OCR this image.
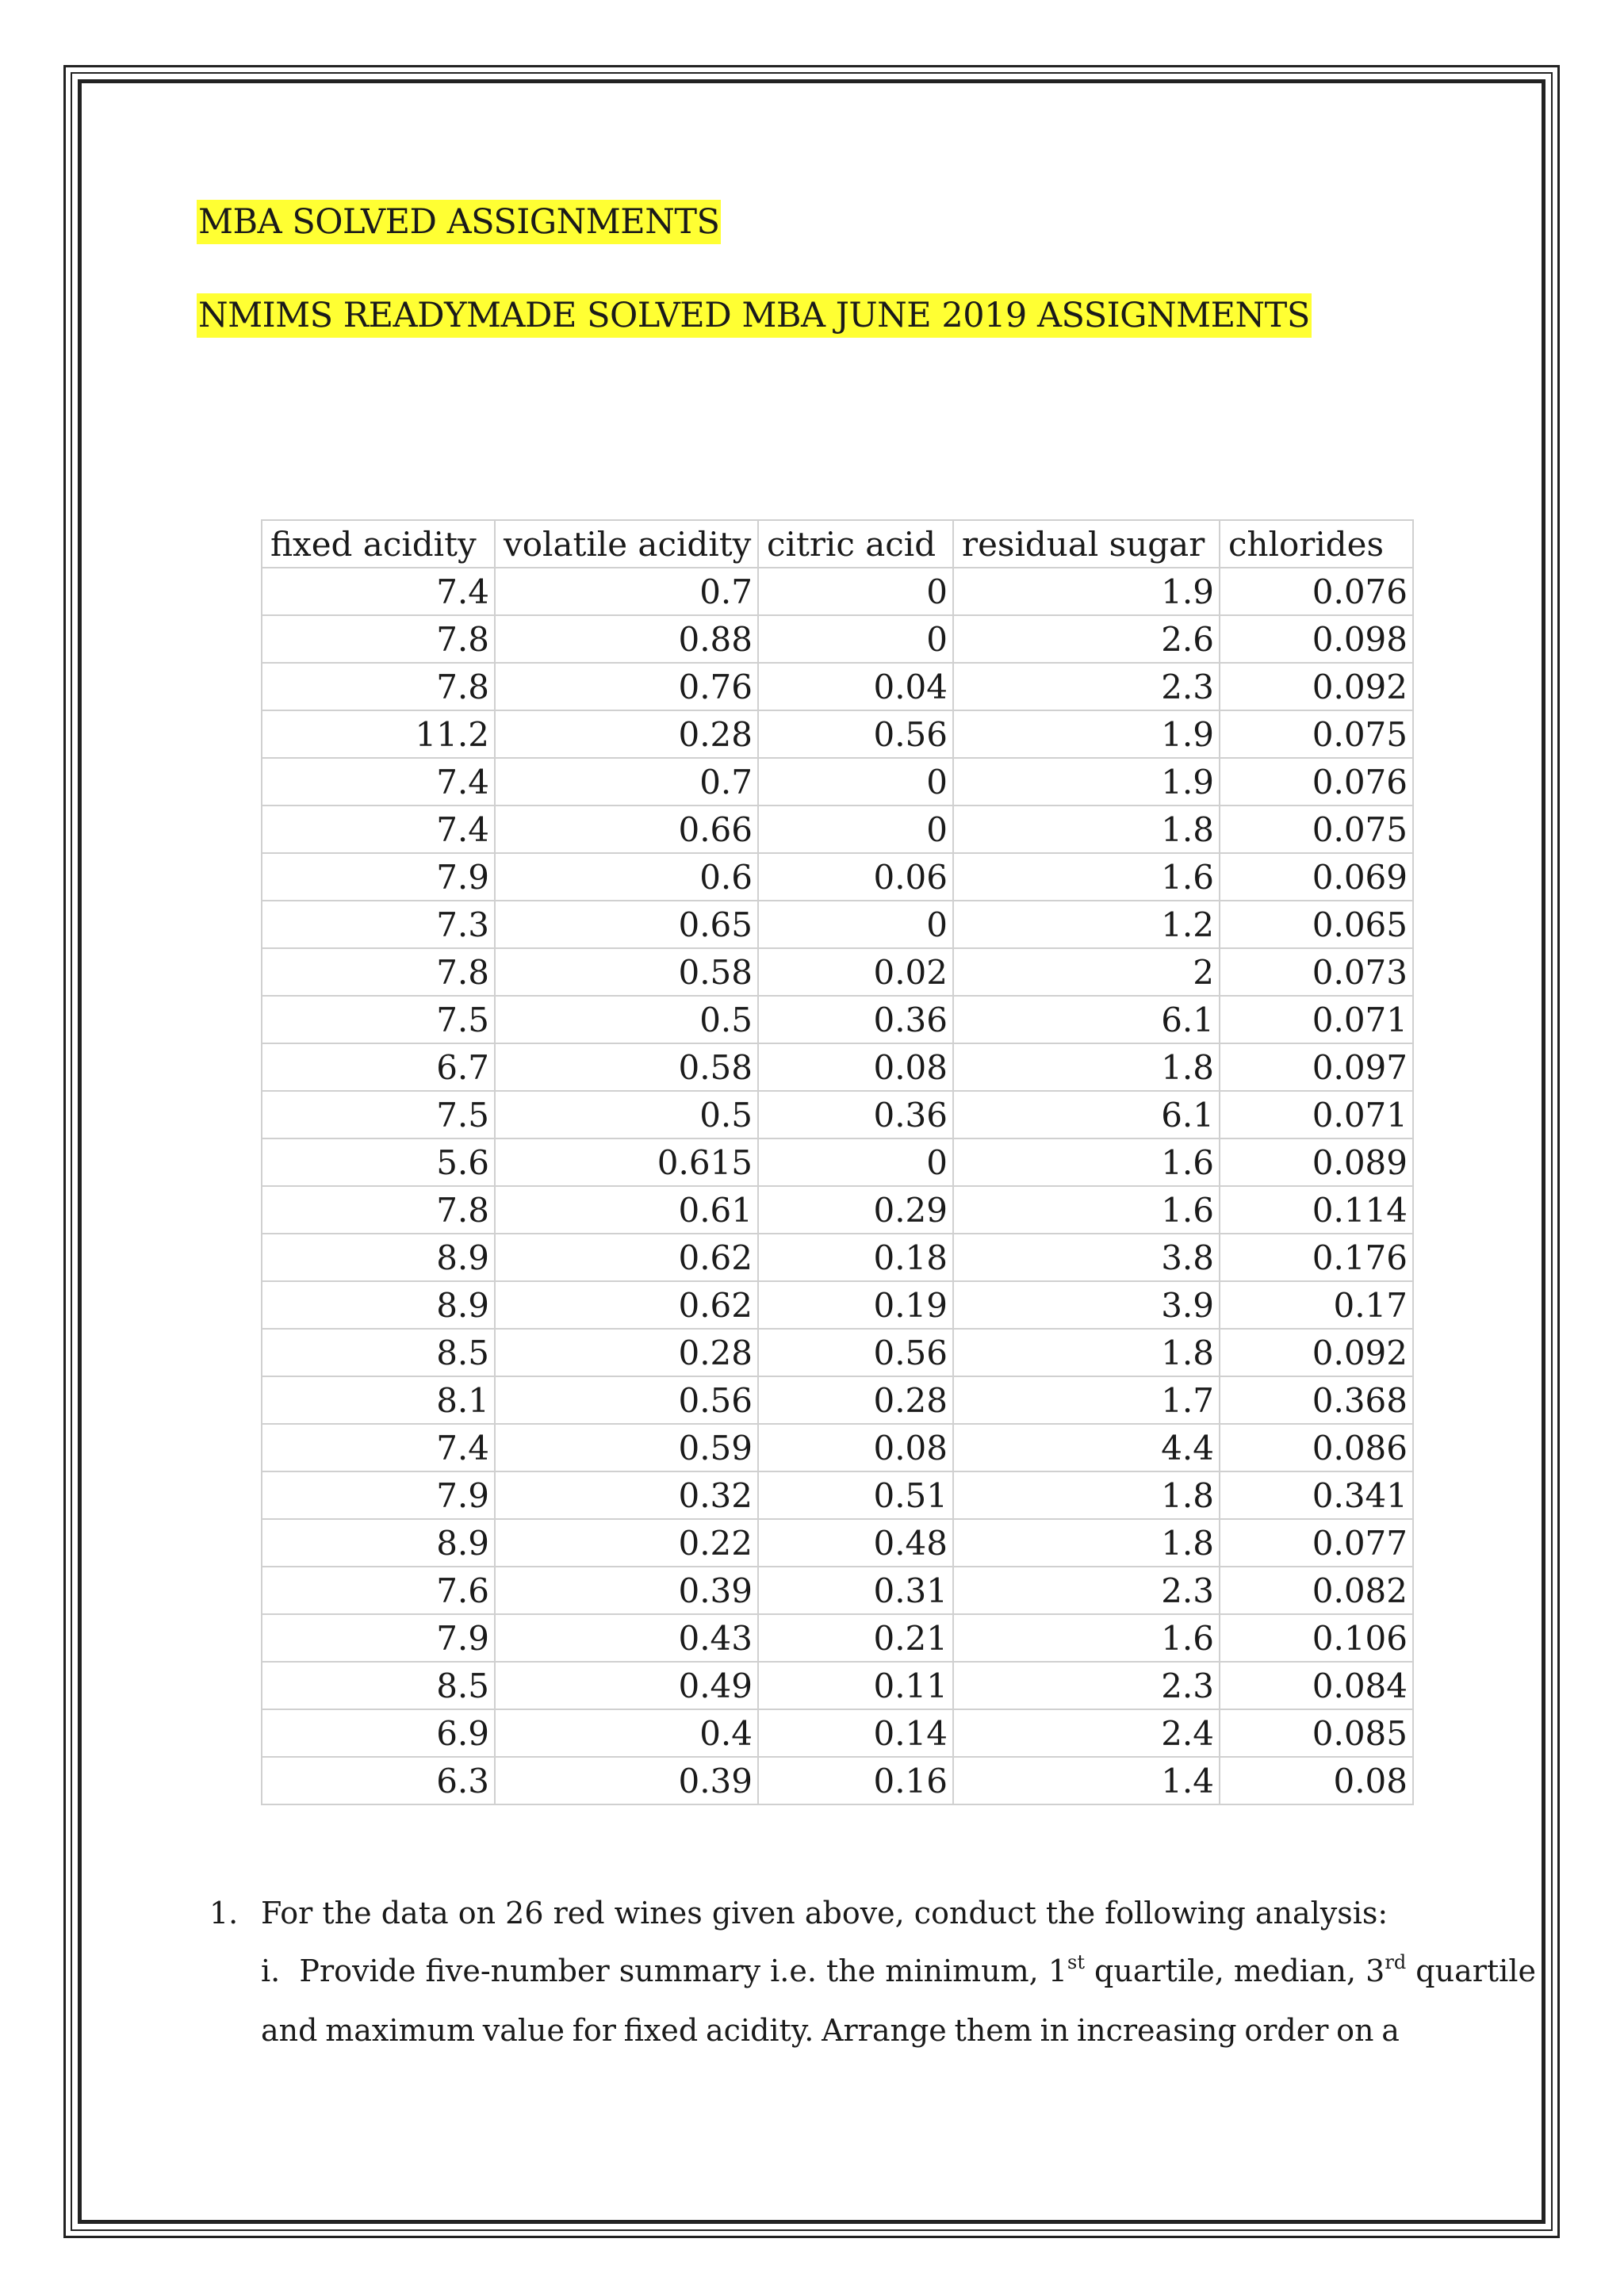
MBA SOLVED ASSIGNMENTS
NMIMS READYMADE SOLVED MBA JUNE 2019 ASSIGNMENTS
fixed acidity	volatile acidity	citric acid	residual sugar	chlorides
7.4	0.7	0	1.9	0.076
7.8	0.88	0	2.6	0.098
7.8	0.76	0.04	2.3	0.092
11.2	0.28	0.56	1.9	0.075
7.4	0.7	0	1.9	0.076
7.4	0.66	0	1.8	0.075
7.9	0.6	0.06	1.6	0.069
7.3	0.65	0	1.2	0.065
7.8	0.58	0.02	2	0.073
7.5	0.5	0.36	6.1	0.071
6.7	0.58	0.08	1.8	0.097
7.5	0.5	0.36	6.1	0.071
5.6	0.615	0	1.6	0.089
7.8	0.61	0.29	1.6	0.114
8.9	0.62	0.18	3.8	0.176
8.9	0.62	0.19	3.9	0.17
8.5	0.28	0.56	1.8	0.092
8.1	0.56	0.28	1.7	0.368
7.4	0.59	0.08	4.4	0.086
7.9	0.32	0.51	1.8	0.341
8.9	0.22	0.48	1.8	0.077
7.6	0.39	0.31	2.3	0.082
7.9	0.43	0.21	1.6	0.106
8.5	0.49	0.11	2.3	0.084
6.9	0.4	0.14	2.4	0.085
6.3	0.39	0.16	1.4	0.08
1. For the data on 26 red wines given above, conduct the following analysis:
i. Provide five-number summary i.e. the minimum, 1st quartile, median, 3rd quartile
and maximum value for fixed acidity. Arrange them in increasing order on a
